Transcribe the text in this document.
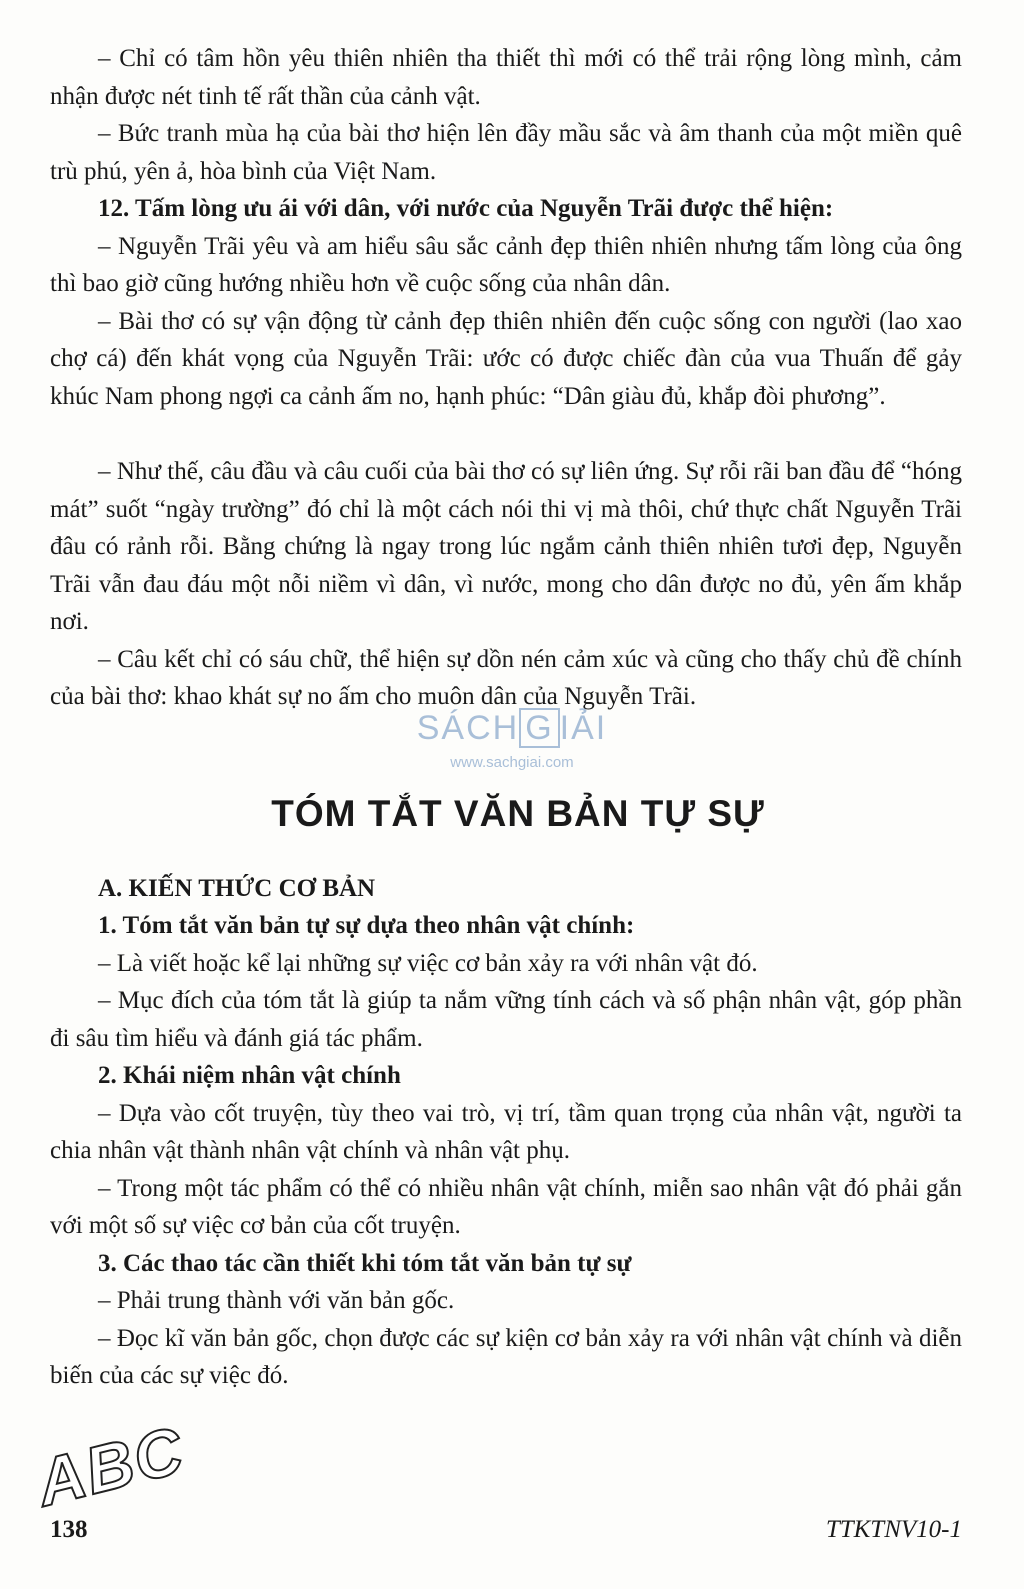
– Chỉ có tâm hồn yêu thiên nhiên tha thiết thì mới có thể trải rộng lòng mình, cảm nhận được nét tinh tế rất thần của cảnh vật.

– Bức tranh mùa hạ của bài thơ hiện lên đầy mầu sắc và âm thanh của một miền quê trù phú, yên ả, hòa bình của Việt Nam.

12. Tấm lòng ưu ái với dân, với nước của Nguyễn Trãi được thể hiện:

– Nguyễn Trãi yêu và am hiểu sâu sắc cảnh đẹp thiên nhiên nhưng tấm lòng của ông thì bao giờ cũng hướng nhiều hơn về cuộc sống của nhân dân.

– Bài thơ có sự vận động từ cảnh đẹp thiên nhiên đến cuộc sống con người (lao xao chợ cá) đến khát vọng của Nguyễn Trãi: ước có được chiếc đàn của vua Thuấn để gảy khúc Nam phong ngợi ca cảnh ấm no, hạnh phúc: “Dân giàu đủ, khắp đòi phương”.

– Như thế, câu đầu và câu cuối của bài thơ có sự liên ứng. Sự rỗi rãi ban đầu để “hóng mát” suốt “ngày trường” đó chỉ là một cách nói thi vị mà thôi, chứ thực chất Nguyễn Trãi đâu có rảnh rỗi. Bằng chứng là ngay trong lúc ngắm cảnh thiên nhiên tươi đẹp, Nguyễn Trãi vẫn đau đáu một nỗi niềm vì dân, vì nước, mong cho dân được no đủ, yên ấm khắp nơi.

– Câu kết chỉ có sáu chữ, thể hiện sự dồn nén cảm xúc và cũng cho thấy chủ đề chính của bài thơ: khao khát sự no ấm cho muôn dân của Nguyễn Trãi.

SÁCH G IẢI
www.sachgiai.com
TÓM TẮT VĂN BẢN TỰ SỰ

A. KIẾN THỨC CƠ BẢN

1. Tóm tắt văn bản tự sự dựa theo nhân vật chính:

– Là viết hoặc kể lại những sự việc cơ bản xảy ra với nhân vật đó.

– Mục đích của tóm tắt là giúp ta nắm vững tính cách và số phận nhân vật, góp phần đi sâu tìm hiểu và đánh giá tác phẩm.

2. Khái niệm nhân vật chính

– Dựa vào cốt truyện, tùy theo vai trò, vị trí, tầm quan trọng của nhân vật, người ta chia nhân vật thành nhân vật chính và nhân vật phụ.

– Trong một tác phẩm có thể có nhiều nhân vật chính, miễn sao nhân vật đó phải gắn với một số sự việc cơ bản của cốt truyện.

3. Các thao tác cần thiết khi tóm tắt văn bản tự sự

– Phải trung thành với văn bản gốc.

– Đọc kĩ văn bản gốc, chọn được các sự kiện cơ bản xảy ra với nhân vật chính và diễn biến của các sự việc đó.

ABC
138	TTKTNV10-1
